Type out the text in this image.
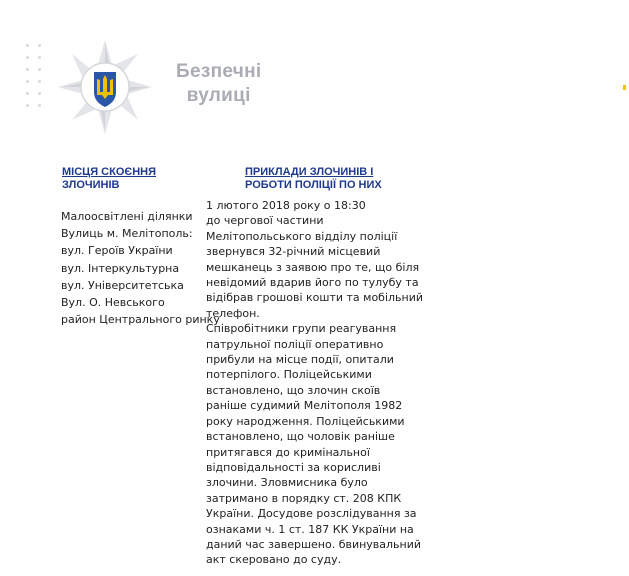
Безпечні
вулиці
МІСЦЯ СКОЄННЯ
ЗЛОЧИНІВ
ПРИКЛАДИ ЗЛОЧИНІВ І
РОБОТИ ПОЛІЦІЇ ПО НИХ
Малоосвітлені ділянки
Вулиць м. Мелітополь:
вул. Героїв України
вул. Інтеркультурна
вул. Університетська
Вул. О. Невського
район Центрального ринку
1 лютого 2018 року о 18:30
до чергової частини
Мелітопольського відділу поліції
звернувся 32-річний місцевий
мешканець з заявою про те, що біля
невідомий вдарив його по тулубу та
відібрав грошові кошти та мобільний
телефон.
Співробітники групи реагування
патрульної поліції оперативно
прибули на місце події, опитали
потерпілого. Поліцейськими
встановлено, що злочин скоїв
раніше судимий Мелітополя 1982
року народження. Поліцейськими
встановлено, що чоловік раніше
притягався до кримінальної
відповідальності за корисливі
злочини. Зловмисника було
затримано в порядку ст. 208 КПК
України. Досудове розслідування за
ознаками ч. 1 ст. 187 КК України на
даний час завершено. бвинувальний
акт скеровано до суду.
